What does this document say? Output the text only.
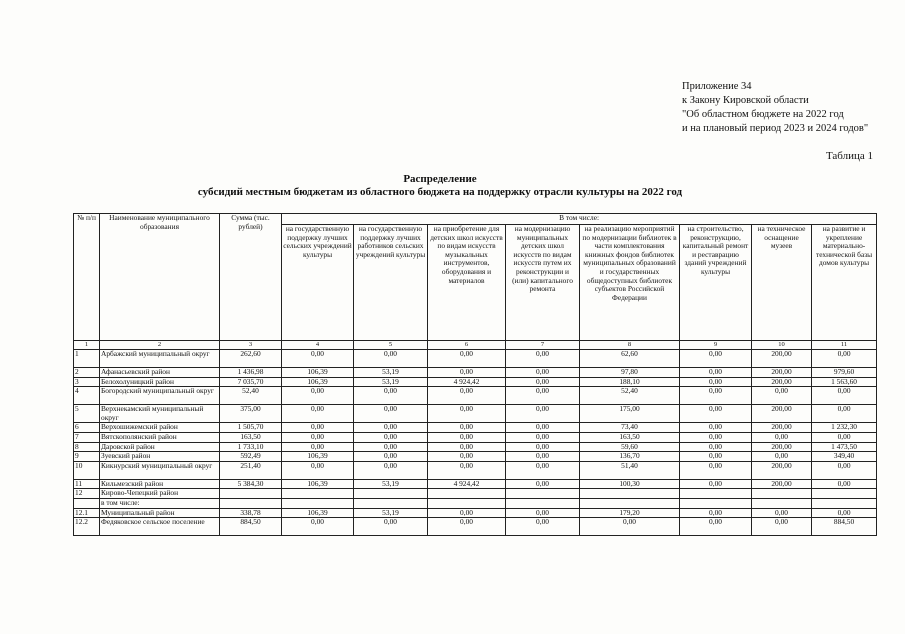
Приложение 34
к Закону Кировской области
"Об областном бюджете на 2022 год
и на плановый период 2023 и 2024 годов"
Таблица 1
Распределение
субсидий местным бюджетам из областного бюджета на поддержку отрасли культуры на 2022 год
№ п/п	Наименование муниципального образования	Сумма (тыс. рублей)	В том числе:							
			на государственную поддержку лучших сельских учреждений культуры	на государственную поддержку лучших работников сельских учреждений культуры	на приобретение для детских школ искусств по видам искусств музыкальных инструментов, оборудования и материалов	на модернизацию муниципальных детских школ искусств по видам искусств путем их реконструкции и (или) капитального ремонта	на реализацию мероприятий по модернизации библиотек в части комплектования книжных фондов библиотек муниципальных образований и государственных общедоступных библиотек субъектов Российской Федерации	на строительство, реконструкцию, капитальный ремонт и реставрацию зданий учреждений культуры	на техническое оснащение музеев	на развитие и укрепление материально-технической базы домов культуры
1	2	3	4	5	6	7	8	9	10	11
1	Арбажский муниципальный округ	262,60	0,00	0,00	0,00	0,00	62,60	0,00	200,00	0,00
2	Афанасьевский район	1 436,98	106,39	53,19	0,00	0,00	97,80	0,00	200,00	979,60
3	Белохолуницкий район	7 035,70	106,39	53,19	4 924,42	0,00	188,10	0,00	200,00	1 563,60
4	Богородский муниципальный округ	52,40	0,00	0,00	0,00	0,00	52,40	0,00	0,00	0,00
5	Верхнекамский муниципальный округ	375,00	0,00	0,00	0,00	0,00	175,00	0,00	200,00	0,00
6	Верхошижемский район	1 505,70	0,00	0,00	0,00	0,00	73,40	0,00	200,00	1 232,30
7	Вятскополянский район	163,50	0,00	0,00	0,00	0,00	163,50	0,00	0,00	0,00
8	Даровской район	1 733,10	0,00	0,00	0,00	0,00	59,60	0,00	200,00	1 473,50
9	Зуевский район	592,49	106,39	0,00	0,00	0,00	136,70	0,00	0,00	349,40
10	Кикнурский муниципальный округ	251,40	0,00	0,00	0,00	0,00	51,40	0,00	200,00	0,00
11	Кильмезский район	5 384,30	106,39	53,19	4 924,42	0,00	100,30	0,00	200,00	0,00
12	Кирово-Чепецкий район									
	в том числе:									
12.1	Муниципальный район	338,78	106,39	53,19	0,00	0,00	179,20	0,00	0,00	0,00
12.2	Федяковское сельское поселение	884,50	0,00	0,00	0,00	0,00	0,00	0,00	0,00	884,50
